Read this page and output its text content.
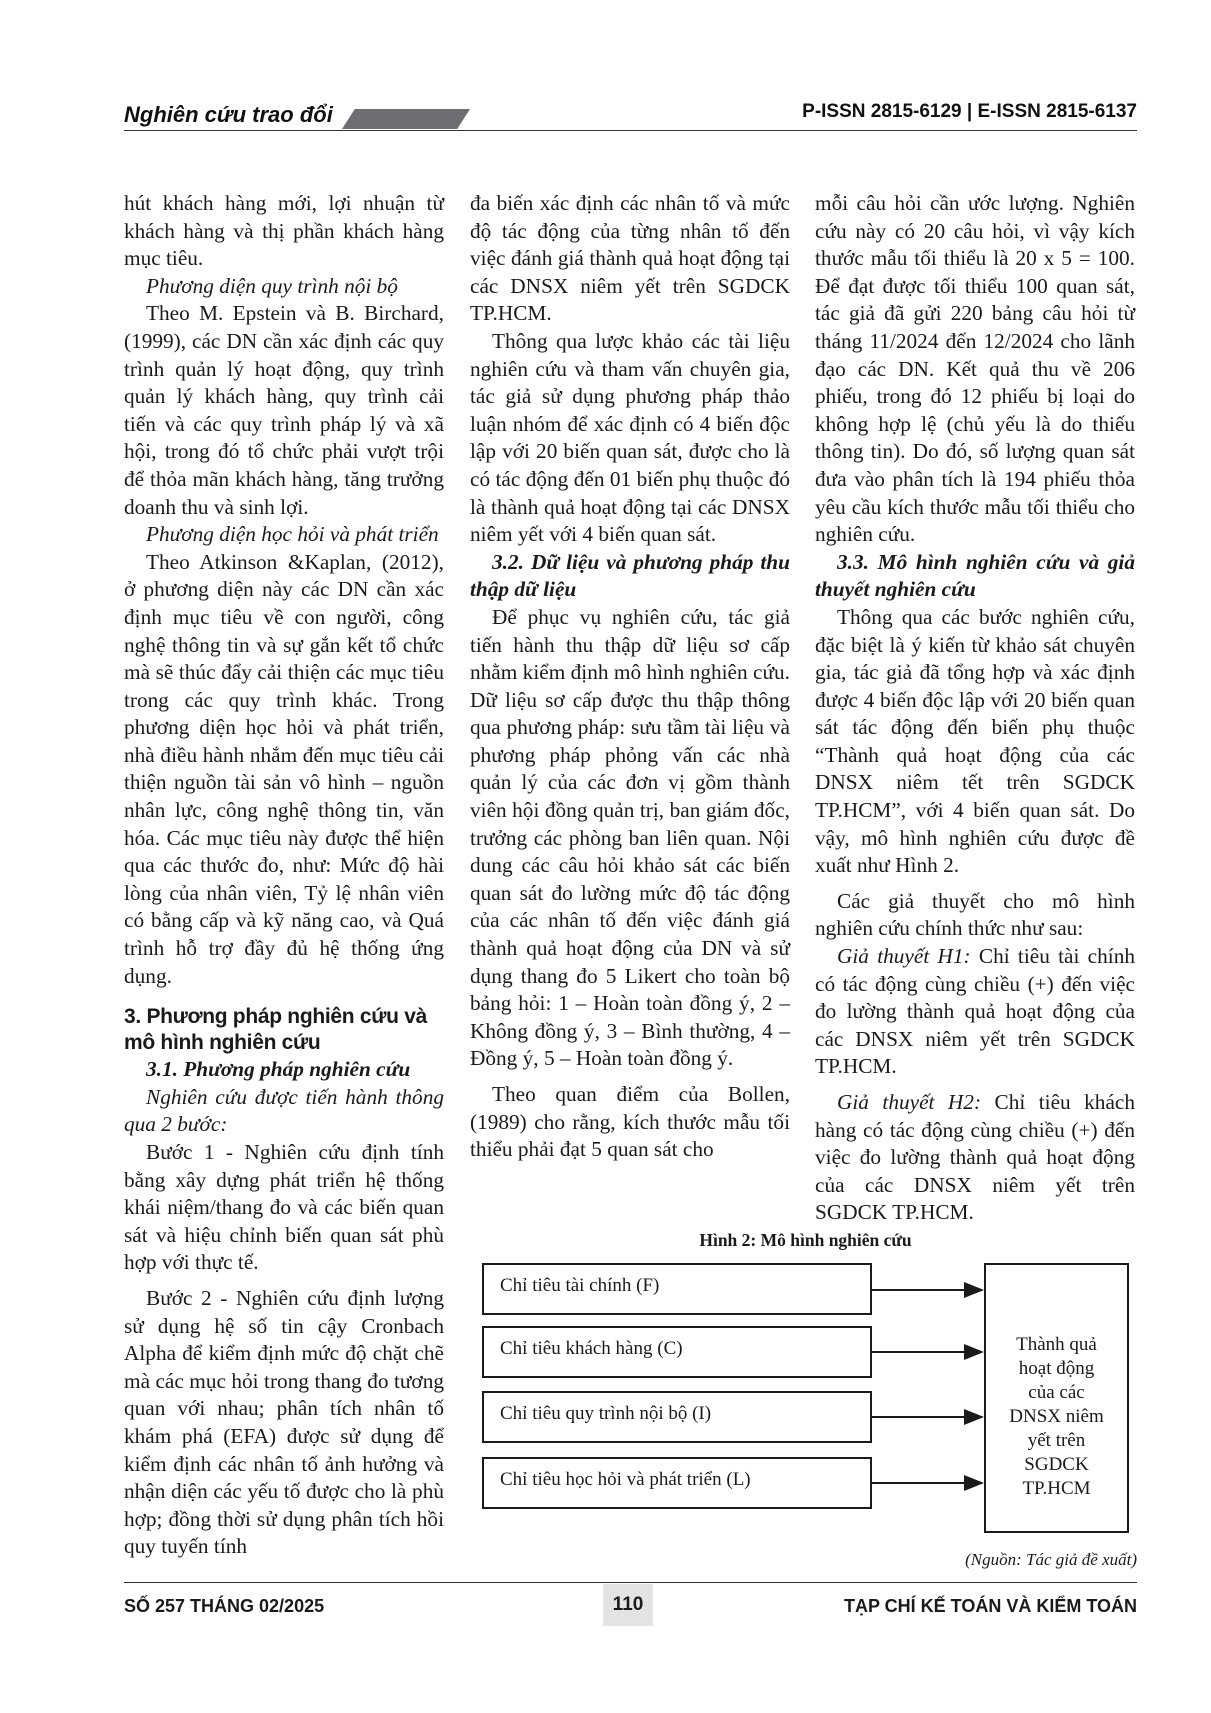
Nghiên cứu trao đổi	P-ISSN 2815-6129 | E-ISSN 2815-6137

hút khách hàng mới, lợi nhuận từ khách hàng và thị phần khách hàng mục tiêu.

Phương diện quy trình nội bộ

Theo M. Epstein và B. Birchard, (1999), các DN cần xác định các quy trình quản lý hoạt động, quy trình quản lý khách hàng, quy trình cải tiến và các quy trình pháp lý và xã hội, trong đó tổ chức phải vượt trội để thỏa mãn khách hàng, tăng trưởng doanh thu và sinh lợi.

Phương diện học hỏi và phát triển

Theo Atkinson &Kaplan, (2012), ở phương diện này các DN cần xác định mục tiêu về con người, công nghệ thông tin và sự gắn kết tổ chức mà sẽ thúc đẩy cải thiện các mục tiêu trong các quy trình khác. Trong phương diện học hỏi và phát triển, nhà điều hành nhắm đến mục tiêu cải thiện nguồn tài sản vô hình – nguồn nhân lực, công nghệ thông tin, văn hóa. Các mục tiêu này được thể hiện qua các thước đo, như: Mức độ hài lòng của nhân viên, Tỷ lệ nhân viên có bằng cấp và kỹ năng cao, và Quá trình hỗ trợ đầy đủ hệ thống ứng dụng.

3. Phương pháp nghiên cứu và mô hình nghiên cứu

3.1. Phương pháp nghiên cứu

Nghiên cứu được tiến hành thông qua 2 bước:

Bước 1 - Nghiên cứu định tính bằng xây dựng phát triển hệ thống khái niệm/thang đo và các biến quan sát và hiệu chỉnh biến quan sát phù hợp với thực tế.

Bước 2 - Nghiên cứu định lượng sử dụng hệ số tin cậy Cronbach Alpha để kiểm định mức độ chặt chẽ mà các mục hỏi trong thang đo tương quan với nhau; phân tích nhân tố khám phá (EFA) được sử dụng để kiểm định các nhân tố ảnh hưởng và nhận diện các yếu tố được cho là phù hợp; đồng thời sử dụng phân tích hồi quy tuyến tính

đa biến xác định các nhân tố và mức độ tác động của từng nhân tố đến việc đánh giá thành quả hoạt động tại các DNSX niêm yết trên SGDCK TP.HCM.

Thông qua lược khảo các tài liệu nghiên cứu và tham vấn chuyên gia, tác giả sử dụng phương pháp thảo luận nhóm để xác định có 4 biến độc lập với 20 biến quan sát, được cho là có tác động đến 01 biến phụ thuộc đó là thành quả hoạt động tại các DNSX niêm yết với 4 biến quan sát.

3.2. Dữ liệu và phương pháp thu thập dữ liệu

Để phục vụ nghiên cứu, tác giả tiến hành thu thập dữ liệu sơ cấp nhằm kiểm định mô hình nghiên cứu. Dữ liệu sơ cấp được thu thập thông qua phương pháp: sưu tầm tài liệu và phương pháp phỏng vấn các nhà quản lý của các đơn vị gồm thành viên hội đồng quản trị, ban giám đốc, trưởng các phòng ban liên quan. Nội dung các câu hỏi khảo sát các biến quan sát đo lường mức độ tác động của các nhân tố đến việc đánh giá thành quả hoạt động của DN và sử dụng thang đo 5 Likert cho toàn bộ bảng hỏi: 1 – Hoàn toàn đồng ý, 2 – Không đồng ý, 3 – Bình thường, 4 – Đồng ý, 5 – Hoàn toàn đồng ý.

Theo quan điểm của Bollen, (1989) cho rằng, kích thước mẫu tối thiểu phải đạt 5 quan sát cho

mỗi câu hỏi cần ước lượng. Nghiên cứu này có 20 câu hỏi, vì vậy kích thước mẫu tối thiểu là 20 x 5 = 100. Để đạt được tối thiểu 100 quan sát, tác giả đã gửi 220 bảng câu hỏi từ tháng 11/2024 đến 12/2024 cho lãnh đạo các DN. Kết quả thu về 206 phiếu, trong đó 12 phiếu bị loại do không hợp lệ (chủ yếu là do thiếu thông tin). Do đó, số lượng quan sát đưa vào phân tích là 194 phiếu thỏa yêu cầu kích thước mẫu tối thiểu cho nghiên cứu.

3.3. Mô hình nghiên cứu và giả thuyết nghiên cứu

Thông qua các bước nghiên cứu, đặc biệt là ý kiến từ khảo sát chuyên gia, tác giả đã tổng hợp và xác định được 4 biến độc lập với 20 biến quan sát tác động đến biến phụ thuộc “Thành quả hoạt động của các DNSX niêm tết trên SGDCK TP.HCM”, với 4 biến quan sát. Do vậy, mô hình nghiên cứu được đề xuất như Hình 2.

Các giả thuyết cho mô hình nghiên cứu chính thức như sau:

Giả thuyết H1: Chỉ tiêu tài chính có tác động cùng chiều (+) đến việc đo lường thành quả hoạt động của các DNSX niêm yết trên SGDCK TP.HCM.

Giả thuyết H2: Chỉ tiêu khách hàng có tác động cùng chiều (+) đến việc đo lường thành quả hoạt động của các DNSX niêm yết trên SGDCK TP.HCM.

Hình 2: Mô hình nghiên cứu
Chỉ tiêu tài chính (F)
Chỉ tiêu khách hàng (C)
Chỉ tiêu quy trình nội bộ (I)
Chỉ tiêu học hỏi và phát triển (L)
Thành quả
hoạt động
của các
DNSX niêm
yết trên
SGDCK
TP.HCM
(Nguồn: Tác giả đề xuất)
SỐ 257 THÁNG 02/2025	110	TẠP CHÍ KẾ TOÁN VÀ KIỂM TOÁN
